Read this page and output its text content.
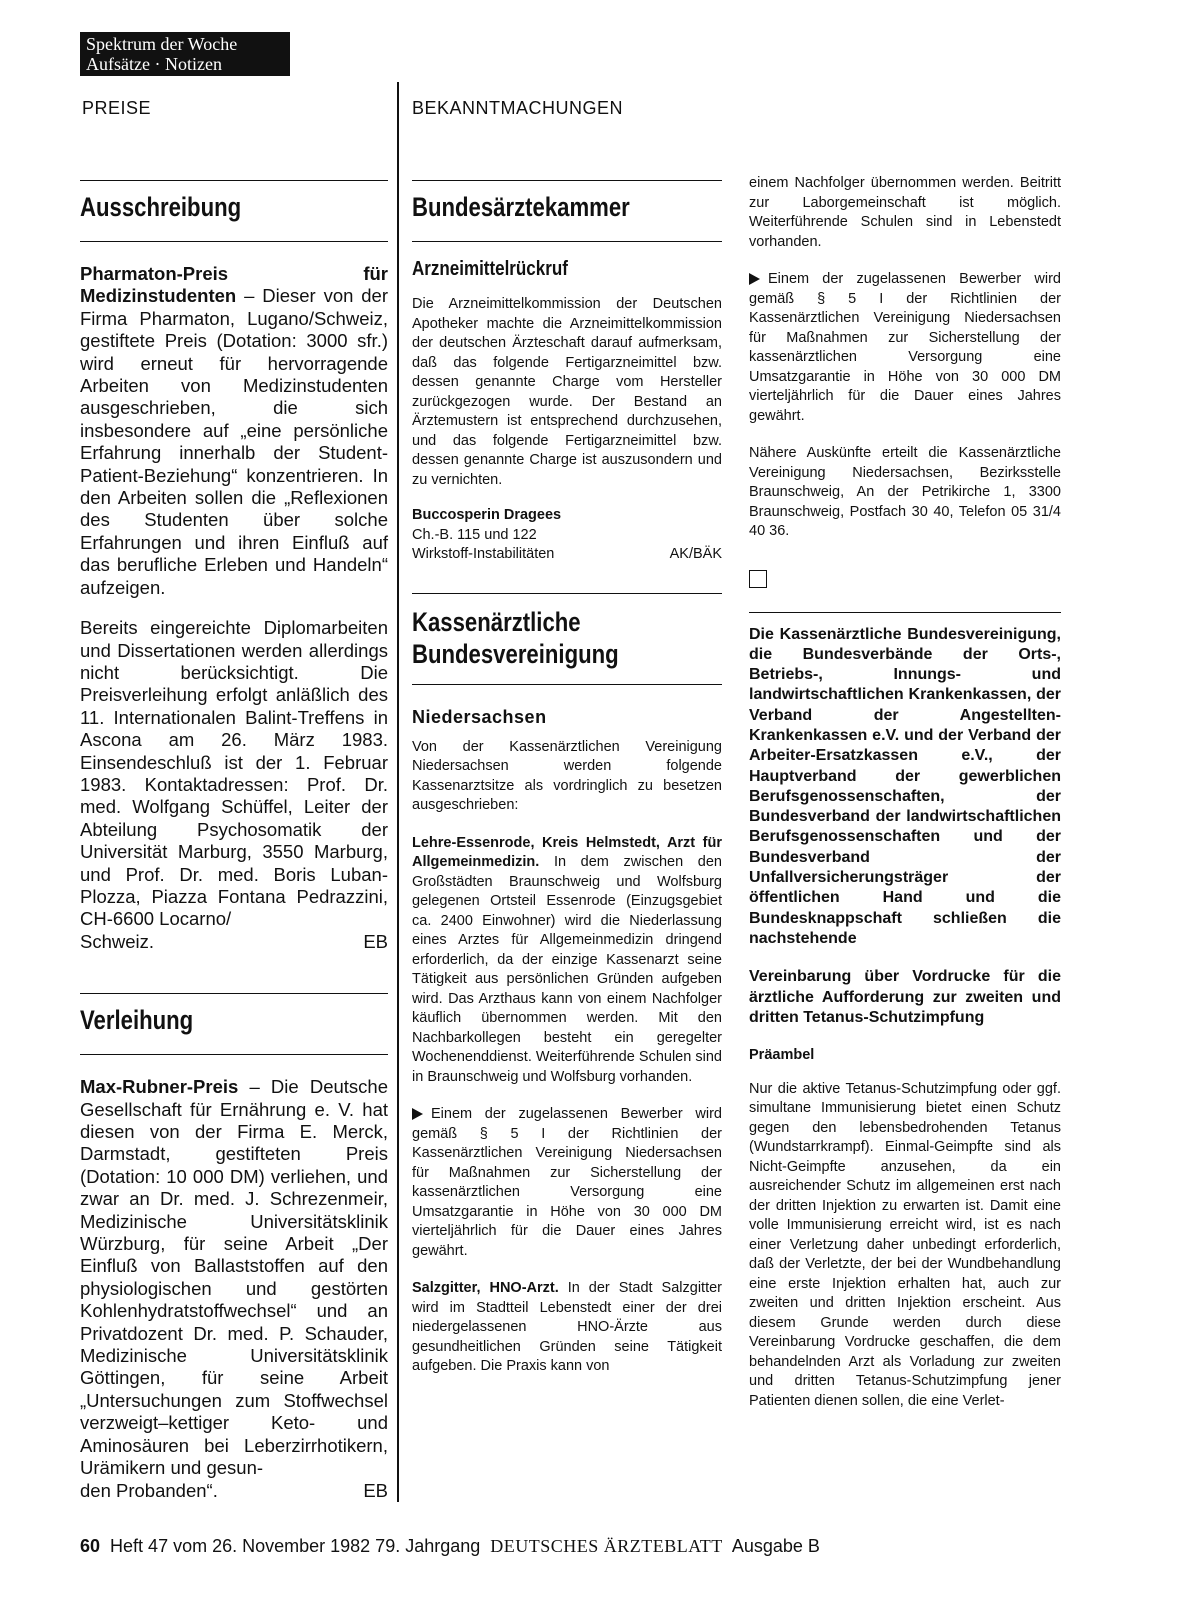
Spektrum der Woche
Aufsätze · Notizen
PREISE	BEKANNTMACHUNGEN
Ausschreibung

Pharmaton-Preis für Medizinstudenten – Dieser von der Firma Pharmaton, Lugano/Schweiz, gestiftete Preis (Dotation: 3000 sfr.) wird erneut für hervorragende Arbeiten von Medizinstudenten ausgeschrieben, die sich insbesondere auf „eine persönliche Erfahrung innerhalb der Student-Patient-Beziehung“ konzentrieren. In den Arbeiten sollen die „Reflexionen des Studenten über solche Erfahrungen und ihren Einfluß auf das berufliche Erleben und Handeln“ aufzeigen.

Bereits eingereichte Diplomarbeiten und Dissertationen werden allerdings nicht berücksichtigt. Die Preisverleihung erfolgt anläßlich des 11. Internationalen Balint-Treffens in Ascona am 26. März 1983. Einsendeschluß ist der 1. Februar 1983. Kontaktadressen: Prof. Dr. med. Wolfgang Schüffel, Leiter der Abteilung Psychosomatik der Universität Marburg, 3550 Marburg, und Prof. Dr. med. Boris Luban-Plozza, Piazza Fontana Pedrazzini, CH-6600 Locarno/

Schweiz.	EB
Verleihung

Max-Rubner-Preis – Die Deutsche Gesellschaft für Ernährung e. V. hat diesen von der Firma E. Merck, Darmstadt, gestifteten Preis (Dotation: 10 000 DM) verliehen, und zwar an Dr. med. J. Schrezenmeir, Medizinische Universitätsklinik Würzburg, für seine Arbeit „Der Einfluß von Ballaststoffen auf den physiologischen und gestörten Kohlenhydratstoffwechsel“ und an Privatdozent Dr. med. P. Schauder, Medizinische Universitätsklinik Göttingen, für seine Arbeit „Untersuchungen zum Stoffwechsel verzweigt–kettiger Keto- und Aminosäuren bei Leberzirrhotikern, Urämikern und gesun-

den Probanden“.	EB
Bundesärztekammer
Arzneimittelrückruf

Die Arzneimittelkommission der Deutschen Apotheker machte die Arzneimittelkommission der deutschen Ärzteschaft darauf aufmerksam, daß das folgende Fertigarzneimittel bzw. dessen genannte Charge vom Hersteller zurückgezogen wurde. Der Bestand an Ärztemustern ist entsprechend durchzusehen, und das folgende Fertigarzneimittel bzw. dessen genannte Charge ist auszusondern und zu vernichten.

Buccosperin Dragees
Ch.-B. 115 und 122
Wirkstoff-Instabilitäten	AK/BÄK
Kassenärztliche
Bundesvereinigung
Niedersachsen

Von der Kassenärztlichen Vereinigung Niedersachsen werden folgende Kassenarztsitze als vordringlich zu besetzen ausgeschrieben:

Lehre-Essenrode, Kreis Helmstedt, Arzt für Allgemeinmedizin. In dem zwischen den Großstädten Braunschweig und Wolfsburg gelegenen Ortsteil Essenrode (Einzugsgebiet ca. 2400 Einwohner) wird die Niederlassung eines Arztes für Allgemeinmedizin dringend erforderlich, da der einzige Kassenarzt seine Tätigkeit aus persönlichen Gründen aufgeben wird. Das Arzthaus kann von einem Nachfolger käuflich übernommen werden. Mit den Nachbarkollegen besteht ein geregelter Wochenenddienst. Weiterführende Schulen sind in Braunschweig und Wolfsburg vorhanden.

Einem der zugelassenen Bewerber wird gemäß § 5 I der Richtlinien der Kassenärztlichen Vereinigung Niedersachsen für Maßnahmen zur Sicherstellung der kassenärztlichen Versorgung eine Umsatzgarantie in Höhe von 30 000 DM vierteljährlich für die Dauer eines Jahres gewährt.

Salzgitter, HNO-Arzt. In der Stadt Salzgitter wird im Stadtteil Lebenstedt einer der drei niedergelassenen HNO-Ärzte aus gesundheitlichen Gründen seine Tätigkeit aufgeben. Die Praxis kann von

einem Nachfolger übernommen werden. Beitritt zur Laborgemeinschaft ist möglich. Weiterführende Schulen sind in Lebenstedt vorhanden.

Einem der zugelassenen Bewerber wird gemäß § 5 I der Richtlinien der Kassenärztlichen Vereinigung Niedersachsen für Maßnahmen zur Sicherstellung der kassenärztlichen Versorgung eine Umsatzgarantie in Höhe von 30 000 DM vierteljährlich für die Dauer eines Jahres gewährt.

Nähere Auskünfte erteilt die Kassenärztliche Vereinigung Niedersachsen, Bezirksstelle Braunschweig, An der Petrikirche 1, 3300 Braunschweig, Postfach 30 40, Telefon 05 31/4 40 36.

Die Kassenärztliche Bundesvereinigung, die Bundesverbände der Orts-, Betriebs-, Innungs- und landwirtschaftlichen Krankenkassen, der Verband der Angestellten-Krankenkassen e.V. und der Verband der Arbeiter-Ersatzkassen e.V., der Hauptverband der gewerblichen Berufsgenossenschaften, der Bundesverband der landwirtschaftlichen Berufsgenossenschaften und der Bundesverband der Unfallversicherungsträger der öffentlichen Hand und die Bundesknappschaft schließen die nachstehende

Vereinbarung über Vordrucke für die ärztliche Aufforderung zur zweiten und dritten Tetanus-Schutzimpfung

Präambel

Nur die aktive Tetanus-Schutzimpfung oder ggf. simultane Immunisierung bietet einen Schutz gegen den lebensbedrohenden Tetanus (Wundstarrkrampf). Einmal-Geimpfte sind als Nicht-Geimpfte anzusehen, da ein ausreichender Schutz im allgemeinen erst nach der dritten Injektion zu erwarten ist. Damit eine volle Immunisierung erreicht wird, ist es nach einer Verletzung daher unbedingt erforderlich, daß der Verletzte, der bei der Wundbehandlung eine erste Injektion erhalten hat, auch zur zweiten und dritten Injektion erscheint. Aus diesem Grunde werden durch diese Vereinbarung Vordrucke geschaffen, die dem behandelnden Arzt als Vorladung zur zweiten und dritten Tetanus-Schutzimpfung jener Patienten dienen sollen, die eine Verlet-

60 Heft 47 vom 26. November 1982 79. Jahrgang DEUTSCHES ÄRZTEBLATT Ausgabe B
